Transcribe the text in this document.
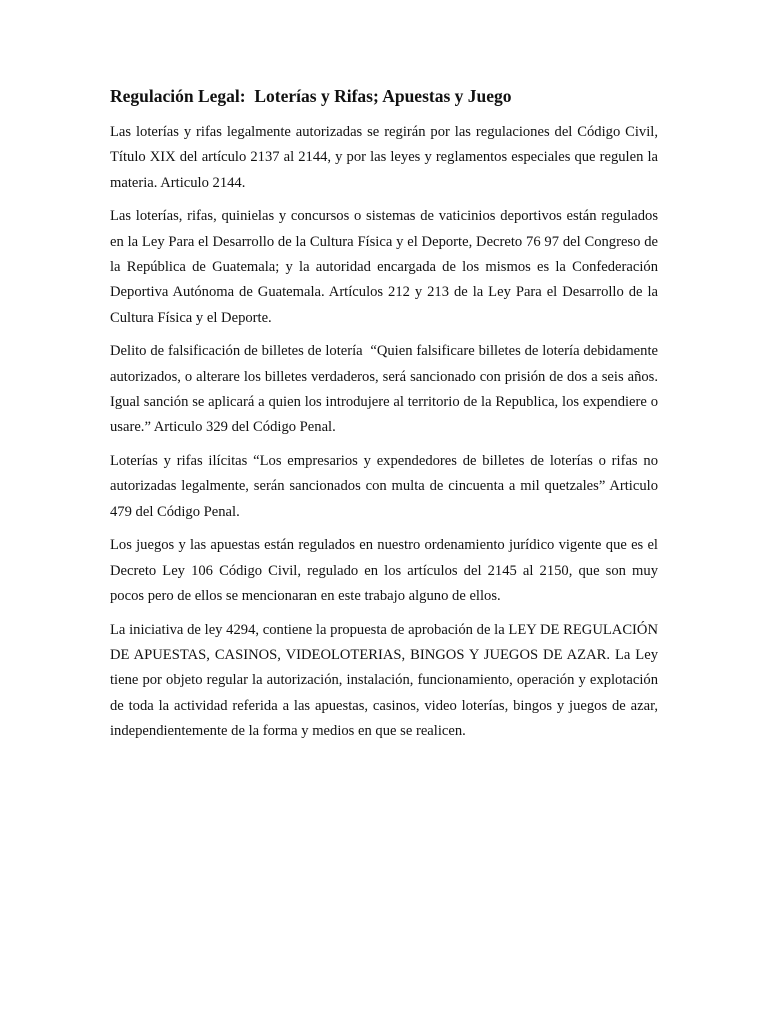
Regulación Legal:  Loterías y Rifas; Apuestas y Juego

Las loterías y rifas legalmente autorizadas se regirán por las regulaciones del Código Civil, Título XIX del artículo 2137 al 2144, y por las leyes y reglamentos especiales que regulen la materia. Articulo 2144.

Las loterías, rifas, quinielas y concursos o sistemas de vaticinios deportivos están regulados en la Ley Para el Desarrollo de la Cultura Física y el Deporte, Decreto 76 97 del Congreso de la República de Guatemala; y la autoridad encargada de los mismos es la Confederación Deportiva Autónoma de Guatemala. Artículos 212 y 213 de la Ley Para el Desarrollo de la Cultura Física y el Deporte.

Delito de falsificación de billetes de lotería  “Quien falsificare billetes de lotería debidamente autorizados, o alterare los billetes verdaderos, será sancionado con prisión de dos a seis años. Igual sanción se aplicará a quien los introdujere al territorio de la Republica, los expendiere o usare.” Articulo 329 del Código Penal.

Loterías y rifas ilícitas “Los empresarios y expendedores de billetes de loterías o rifas no autorizadas legalmente, serán sancionados con multa de cincuenta a mil quetzales” Articulo 479 del Código Penal.

Los juegos y las apuestas están regulados en nuestro ordenamiento jurídico vigente que es el Decreto Ley 106 Código Civil, regulado en los artículos del 2145 al 2150, que son muy pocos pero de ellos se mencionaran en este trabajo alguno de ellos.

La iniciativa de ley 4294, contiene la propuesta de aprobación de la LEY DE REGULACIÓN DE APUESTAS, CASINOS, VIDEOLOTERIAS, BINGOS Y JUEGOS DE AZAR. La Ley tiene por objeto regular la autorización, instalación, funcionamiento, operación y explotación de toda la actividad referida a las apuestas, casinos, video loterías, bingos y juegos de azar, independientemente de la forma y medios en que se realicen.
